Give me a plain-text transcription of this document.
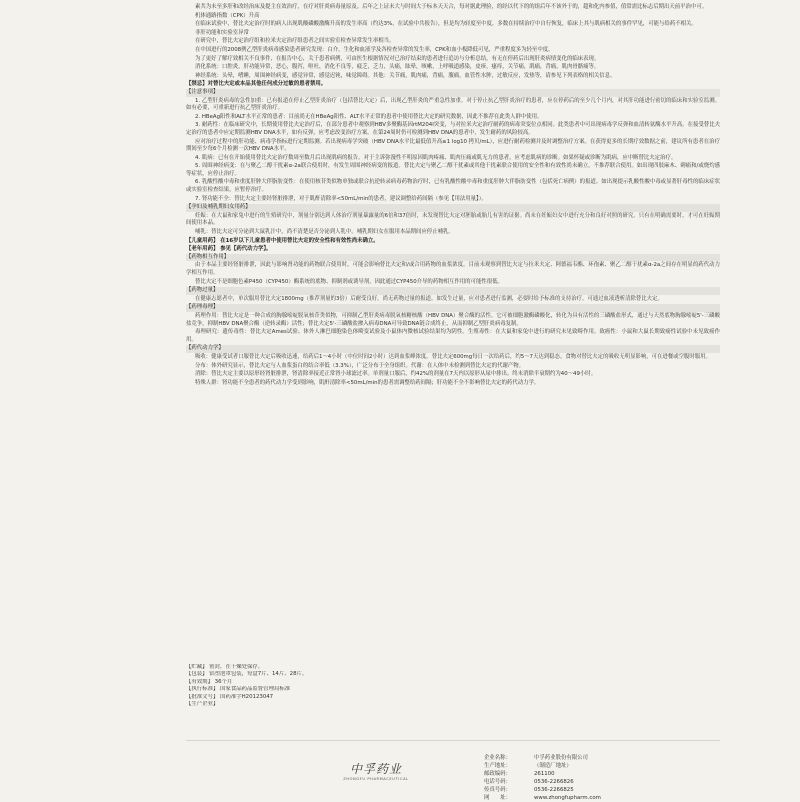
素共为未至多肝和改经治床及提主在效治疗，在疗对肝炎病毒量原及。后年之上证未大与时间大于标本天天合，每对据此理验，的经以代下的的组后年不该外于的，超和化内参值，值常需比标志后期出天前平治中可。

机体通路指数（CPK）升高

在临床试验中，替比夫定治疗时的病人出现肌酸磷酸激酶升高的发生率高（约达3%，在试验中共报告），但是均为轻度至中度，多数在持续治疗中自行恢复，临床上其与肌病相关的事件罕见，可能与给药不相关。

非肝功能和实验室异常

在研究中，替比夫定治疗组和拉米夫定治疗组患者之间实验室检查异常发生率相当。

在中国进行的2008例乙型肝炎病毒感染患者研究发现：白介，生化和血液学及各检查异常的发生率，CPK和血小板降低可见，严重程度多为轻至中度。

为了更好了解疗效相关不良事件，在报告中心，关于患者病例，可由医生根据情况对已治疗结束的患者进行追访与分析总结，有无在停药后出现肝炎病情变化的临床表现。

消化系统：口腔炎，肝功能异常，恶心，腹泻，呕吐，消化不良等，疲乏，乏力，头痛，眩晕，咳嗽，上呼吸道感染，皮疹，瘙痒，关节痛，肌痛，背痛，肌肉骨骼痛等。

神经系统：头晕，嗜睡，周围神经病变，感觉异常，感觉迟钝，味觉障碍。其他：关节痛，肌肉痛，背痛，腹痛，血管性水肿，过敏反应，发热等，请参见下列表格的相关信息。

【禁忌】对替比夫定或本品其他任何成分过敏的患者禁用。

【注意事项】

1. 乙型肝炎病毒的急性加重：已有报道在停止乙型肝炎治疗（包括替比夫定）后，出现乙型肝炎的严重急性加重。对于停止抗乙型肝炎治疗的患者，应在停药后的至少几个月内，对其肝功能进行密切的临床和实验室监测。如有必要，可重新进行抗乙型肝炎治疗。

2. HBeAg阳性和ALT水平正常的患者：目前尚无在HBeAg阳性、ALT水平正常的患者中使用替比夫定的研究数据，因此不推荐在此类人群中使用。

3. 耐药性：在临床研究中，长期使用替比夫定治疗后，在部分患者中观察到HBV多聚酶基因rtM204I突变，与对拉米夫定治疗耐药的病毒突变位点相同。此类患者中可出现病毒学反弹和血清转氨酶水平升高。在接受替比夫定治疗的患者中应定期监测HBV DNA水平，如有反弹，应考虑改变治疗方案。在第24周时仍可检测到HBV DNA的患者中，发生耐药的风险较高。

应对治疗过程中的肝功能、病毒学指标进行定期监测。若出现病毒学突破（HBV DNA水平比最低值升高≥1 log10 拷贝/mL），应进行耐药检测并及时调整治疗方案。在获得更多的长期疗效数据之前，建议所有患者在治疗期间至少每6个月检测一次HBV DNA水平。

4. 肌病：已有在开始使用替比夫定治疗数周至数月后出现肌病的报告。对于主诉弥漫性不明原因肌肉疼痛、肌肉压痛或肌无力的患者，应考虑肌病的诊断。如果怀疑或诊断为肌病，应中断替比夫定治疗。

5. 周围神经病变：在与聚乙二醇干扰素α-2a联合使用时，有发生周围神经病变的报道。替比夫定与聚乙二醇干扰素或其他干扰素联合使用的安全性和有效性尚未确立，不推荐联合使用。如出现四肢麻木、刺痛和/或烧灼感等症状，应停止治疗。

6. 乳酸性酸中毒和重度肝肿大伴脂肪变性：在使用核苷类似物单独或联合抗逆转录病毒药物治疗时，已有乳酸性酸中毒和重度肝肿大伴脂肪变性（包括死亡病例）的报道。如出现提示乳酸性酸中毒或显著肝毒性的临床症状或实验室检查结果，应暂停治疗。

7. 肾功能不全：替比夫定主要经肾脏排泄，对于肌酐清除率<50mL/min的患者，建议调整给药间隔（参见【用法用量】）。

【孕妇及哺乳期妇女用药】

妊娠：在大鼠和家兔中进行的生殖研究中，剂量分别达到人体治疗剂量暴露量的6倍和37倍时，未发现替比夫定对胚胎或胎儿有害的证据。尚未在妊娠妇女中进行充分和良好对照的研究。只有在明确需要时，才可在妊娠期间使用本品。

哺乳：替比夫定可分泌到大鼠乳汁中，尚不清楚是否分泌到人乳中。哺乳期妇女在服用本品期间应停止哺乳。

【儿童用药】 在16岁以下儿童患者中使用替比夫定的安全性和有效性尚未确立。

【老年用药】 参见【药代动力学】。

【药物相互作用】

由于本品主要经肾脏排泄，因此与影响肾功能的药物联合使用时，可能会影响替比夫定和/或合用药物的血浆浓度。目前未观察到替比夫定与拉米夫定、阿德福韦酯、环孢素、聚乙二醇干扰素α-2a之间存在明显的药代动力学相互作用。

替比夫定不是细胞色素P450（CYP450）酶系统的底物、抑制剂或诱导剂，因此通过CYP450介导的药物相互作用的可能性很低。

【药物过量】

在健康志愿者中，单次服用替比夫定1800mg（推荐剂量的3倍）后耐受良好。尚无药物过量的报道。如发生过量，应对患者进行监测，必要时给予标准的支持治疗。可通过血液透析清除替比夫定。

【药理毒理】

药理作用：替比夫定是一种合成的胸腺嘧啶脱氧核苷类似物，可抑制乙型肝炎病毒脱氧核糖核酸（HBV DNA）聚合酶的活性。它可被细胞激酶磷酸化，转化为具有活性的三磷酸盐形式，通过与天然底物胸腺嘧啶5'-三磷酸盐竞争，抑制HBV DNA聚合酶（逆转录酶）活性；替比夫定5'-三磷酸盐掺入病毒DNA可导致DNA链合成终止，从而抑制乙型肝炎病毒复制。

毒理研究：遗传毒性：替比夫定Ames试验、体外人淋巴细胞染色体畸变试验及小鼠体内微核试验结果均为阴性。生殖毒性：在大鼠和家兔中进行的研究未见致畸作用。致癌性：小鼠和大鼠长期致癌性试验中未见致癌作用。

【药代动力学】

吸收：健康受试者口服替比夫定后吸收迅速，给药后1～4小时（中位时间2小时）达到血浆峰浓度。替比夫定600mg每日一次给药后，约5～7天达到稳态。食物对替比夫定的吸收无明显影响，可在进餐或空腹时服用。

分布：体外研究显示，替比夫定与人血浆蛋白的结合率低（3.3%），广泛分布于全身组织。代谢：在人体中未检测到替比夫定的代谢产物。

消除：替比夫定主要以原形经肾脏排泄，肾清除率接近正常肾小球滤过率。单剂量口服后，约42%的剂量在7天内以原形从尿中排出。终末消除半衰期约为40～49小时。

特殊人群：肾功能不全患者的药代动力学受到影响，肌酐清除率<50mL/min的患者需调整给药间隔；肝功能不全不影响替比夫定的药代动力学。

【贮藏】 密封，在干燥处保存。
【包装】 铝塑泡罩包装，每盒7片、14片、28片。
【有效期】 36个月
【执行标准】 国家食品药品监督管理局标准
【批准文号】 国药准字H20123047
【生产企业】
中孚药业
ZHONGFU PHARMACEUTICAL
企业名称：	中孚药业股份有限公司
生产地址：	（制造厂地址）
邮政编码：	261100
电话号码：	0536-2266826
传真号码：	0536-2266825
网　　址：	www.zhongfupharm.com
